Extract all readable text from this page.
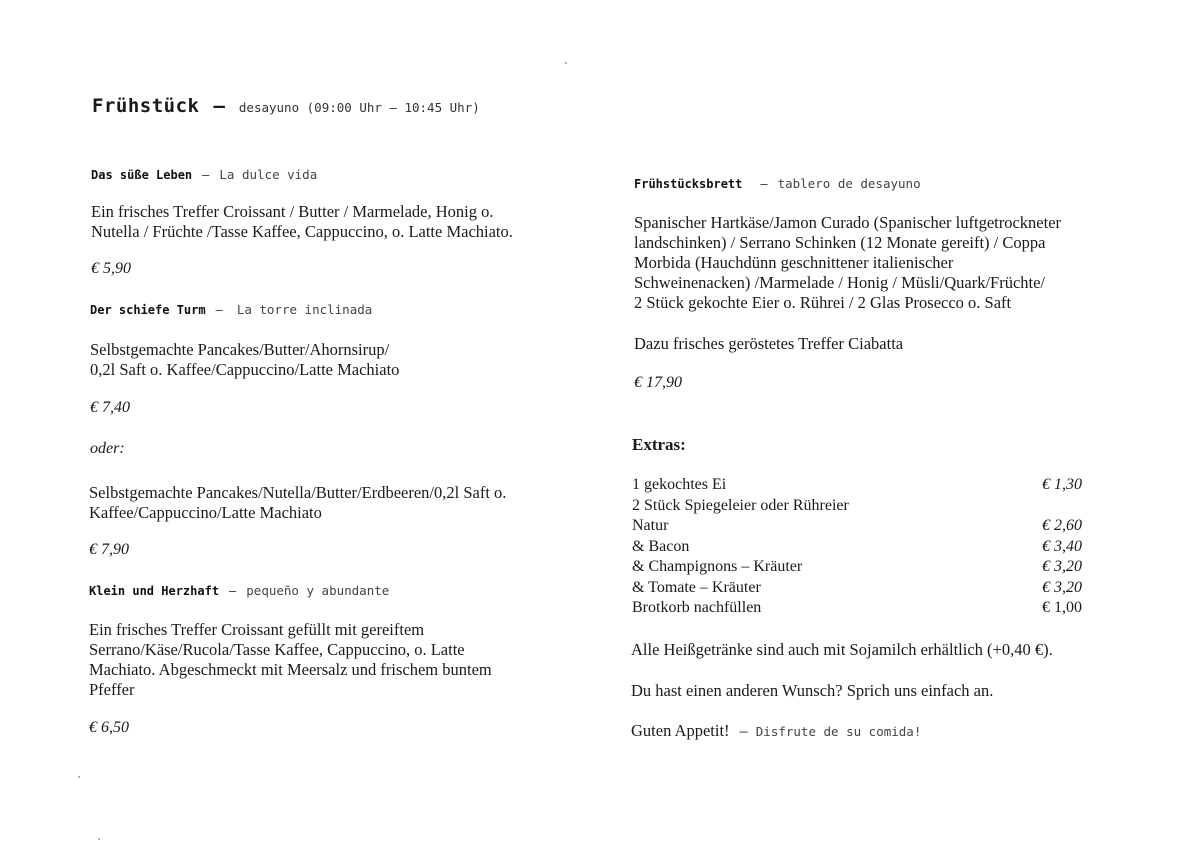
Frühstück – desayuno (09:00 Uhr – 10:45 Uhr)
Das süße Leben – La dulce vida
Ein frisches Treffer Croissant / Butter / Marmelade, Honig o.
Nutella / Früchte /Tasse Kaffee, Cappuccino, o. Latte Machiato.
€ 5,90
Der schiefe Turm – La torre inclinada
Selbstgemachte Pancakes/Butter/Ahornsirup/
0,2l Saft o. Kaffee/Cappuccino/Latte Machiato
€ 7,40
oder:
Selbstgemachte Pancakes/Nutella/Butter/Erdbeeren/0,2l Saft o.
Kaffee/Cappuccino/Latte Machiato
€ 7,90
Klein und Herzhaft – pequeño y abundante
Ein frisches Treffer Croissant gefüllt mit gereiftem
Serrano/Käse/Rucola/Tasse Kaffee, Cappuccino, o. Latte
Machiato. Abgeschmeckt mit Meersalz und frischem buntem
Pfeffer
€ 6,50
Frühstücksbrett – tablero de desayuno
Spanischer Hartkäse/Jamon Curado (Spanischer luftgetrockneter
landschinken) / Serrano Schinken (12 Monate gereift) / Coppa
Morbida (Hauchdünn geschnittener italienischer
Schweinenacken) /Marmelade / Honig / Müsli/Quark/Früchte/
2 Stück gekochte Eier o. Rührei / 2 Glas Prosecco o. Saft
Dazu frisches geröstetes Treffer Ciabatta
€ 17,90
Extras:
1 gekochtes Ei	€ 1,30
2 Stück Spiegeleier oder Rühreier
Natur	€ 2,60
& Bacon	€ 3,40
& Champignons – Kräuter	€ 3,20
& Tomate – Kräuter	€ 3,20
Brotkorb nachfüllen	€ 1,00
Alle Heißgetränke sind auch mit Sojamilch erhältlich (+0,40 €).
Du hast einen anderen Wunsch? Sprich uns einfach an.
Guten Appetit! – Disfrute de su comida!
